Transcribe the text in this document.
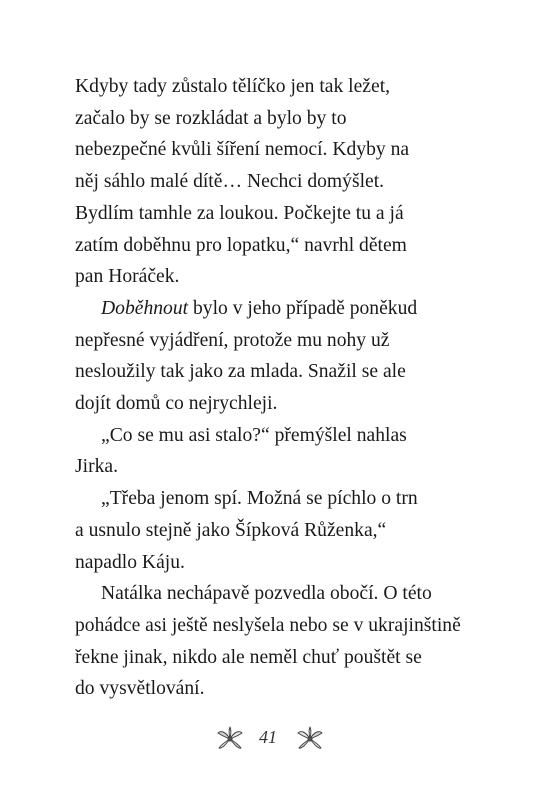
Kdyby tady zůstalo tělíčko jen tak ležet,
začalo by se rozkládat a bylo by to
nebezpečné kvůli šíření nemocí. Kdyby na
něj sáhlo malé dítě… Nechci domýšlet.
Bydlím tamhle za loukou. Počkejte tu a já
zatím doběhnu pro lopatku,“ navrhl dětem
pan Horáček.
Doběhnout bylo v jeho případě poněkud
nepřesné vyjádření, protože mu nohy už
nesloužily tak jako za mlada. Snažil se ale
dojít domů co nejrychleji.
„Co se mu asi stalo?“ přemýšlel nahlas
Jirka.
„Třeba jenom spí. Možná se píchlo o trn
a usnulo stejně jako Šípková Růženka,“
napadlo Káju.
Natálka nechápavě pozvedla obočí. O této
pohádce asi ještě neslyšela nebo se v ukrajinštině
řekne jinak, nikdo ale neměl chuť pouštět se
do vysvětlování.
41
